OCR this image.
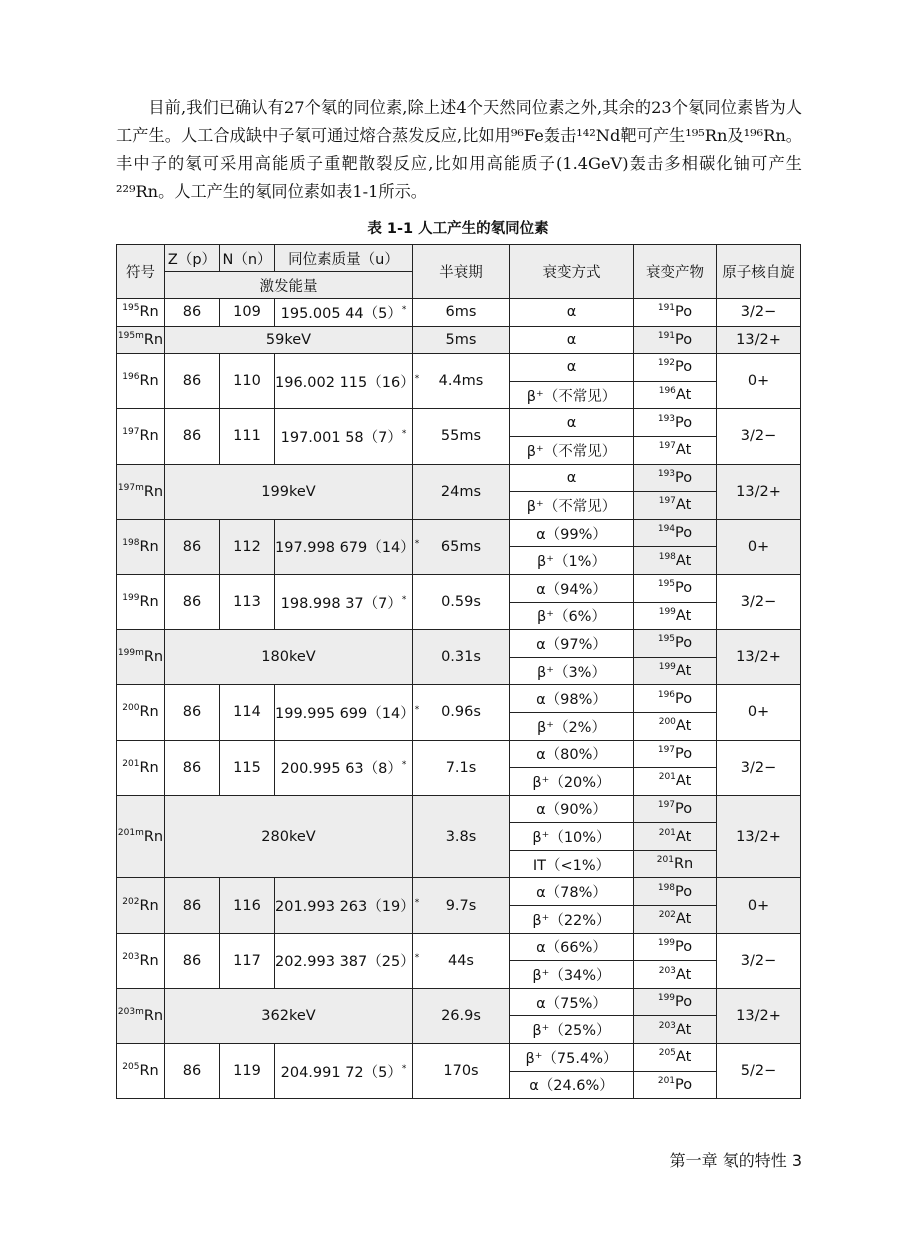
目前,我们已确认有27个氡的同位素,除上述4个天然同位素之外,其余的23个氡同位素皆为人工产生。人工合成缺中子氡可通过熔合蒸发反应,比如用⁹⁶Fe轰击¹⁴²Nd靶可产生¹⁹⁵Rn及¹⁹⁶Rn。丰中子的氡可采用高能质子重靶散裂反应,比如用高能质子(1.4GeV)轰击多相碳化铀可产生²²⁹Rn。人工产生的氡同位素如表1-1所示。

表 1-1 人工产生的氡同位素
符号	Z（p）	N（n）	同位素质量（u）	半衰期	衰变方式	衰变产物	原子核自旋
	激发能量						
$^{195}$Rn	86	109	195.005 44（5）*	6ms	α	$^{191}$Po	3/2−
$^{195m}$Rn	59keV			5ms	α	$^{191}$Po	13/2+
$^{196}$Rn	86	110	196.002 115（16）*	4.4ms	α	$^{192}$Po	0+
					β⁺（不常见）	$^{196}$At	
$^{197}$Rn	86	111	197.001 58（7）*	55ms	α	$^{193}$Po	3/2−
					β⁺（不常见）	$^{197}$At	
$^{197m}$Rn	199keV			24ms	α	$^{193}$Po	13/2+
					β⁺（不常见）	$^{197}$At	
$^{198}$Rn	86	112	197.998 679（14）*	65ms	α（99%）	$^{194}$Po	0+
					β⁺（1%）	$^{198}$At	
$^{199}$Rn	86	113	198.998 37（7）*	0.59s	α（94%）	$^{195}$Po	3/2−
					β⁺（6%）	$^{199}$At	
$^{199m}$Rn	180keV			0.31s	α（97%）	$^{195}$Po	13/2+
					β⁺（3%）	$^{199}$At	
$^{200}$Rn	86	114	199.995 699（14）*	0.96s	α（98%）	$^{196}$Po	0+
					β⁺（2%）	$^{200}$At	
$^{201}$Rn	86	115	200.995 63（8）*	7.1s	α（80%）	$^{197}$Po	3/2−
					β⁺（20%）	$^{201}$At	
$^{201m}$Rn	280keV			3.8s	α（90%）	$^{197}$Po	13/2+
					β⁺（10%）	$^{201}$At	
					IT（<1%）	$^{201}$Rn	
$^{202}$Rn	86	116	201.993 263（19）*	9.7s	α（78%）	$^{198}$Po	0+
					β⁺（22%）	$^{202}$At	
$^{203}$Rn	86	117	202.993 387（25）*	44s	α（66%）	$^{199}$Po	3/2−
					β⁺（34%）	$^{203}$At	
$^{203m}$Rn	362keV			26.9s	α（75%）	$^{199}$Po	13/2+
					β⁺（25%）	$^{203}$At	
$^{205}$Rn	86	119	204.991 72（5）*	170s	β⁺（75.4%）	$^{205}$At	5/2−
					α（24.6%）	$^{201}$Po	
第一章 氡的特性 3
